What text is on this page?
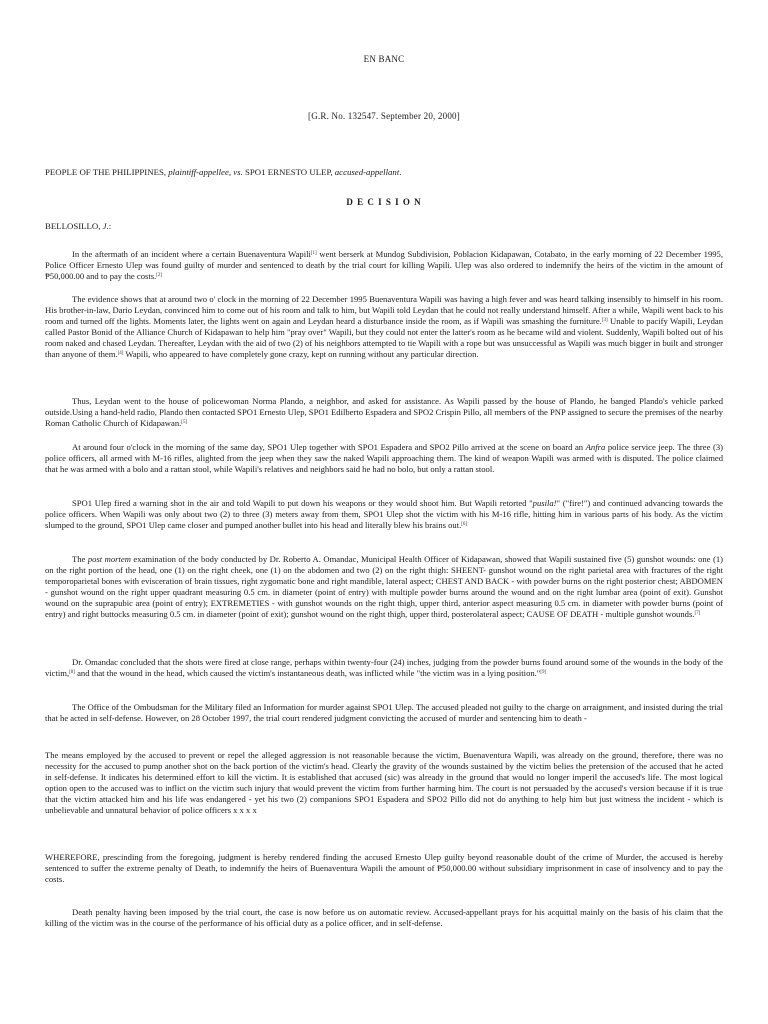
EN BANC
[G.R. No. 132547. September 20, 2000]
PEOPLE OF THE PHILIPPINES, plaintiff-appellee, vs. SPO1 ERNESTO ULEP, accused-appellant.
D E C I S I O N
BELLOSILLO, J.:
In the aftermath of an incident where a certain Buenaventura Wapili[1] went berserk at Mundog Subdivision, Poblacion Kidapawan, Cotabato, in the early morning of 22 December 1995, Police Officer Ernesto Ulep was found guilty of murder and sentenced to death by the trial court for killing Wapili. Ulep was also ordered to indemnify the heirs of the victim in the amount of ₱50,000.00 and to pay the costs.[2]
The evidence shows that at around two o' clock in the morning of 22 December 1995 Buenaventura Wapili was having a high fever and was heard talking insensibly to himself in his room. His brother-in-law, Dario Leydan, convinced him to come out of his room and talk to him, but Wapili told Leydan that he could not really understand himself. After a while, Wapili went back to his room and turned off the lights. Moments later, the lights went on again and Leydan heard a disturbance inside the room, as if Wapili was smashing the furniture.[3] Unable to pacify Wapili, Leydan called Pastor Bonid of the Alliance Church of Kidapawan to help him "pray over" Wapili, but they could not enter the latter's room as he became wild and violent. Suddenly, Wapili bolted out of his room naked and chased Leydan. Thereafter, Leydan with the aid of two (2) of his neighbors attempted to tie Wapili with a rope but was unsuccessful as Wapili was much bigger in built and stronger than anyone of them.[4] Wapili, who appeared to have completely gone crazy, kept on running without any particular direction.
Thus, Leydan went to the house of policewoman Norma Plando, a neighbor, and asked for assistance. As Wapili passed by the house of Plando, he banged Plando's vehicle parked outside.Using a hand-held radio, Plando then contacted SPO1 Ernesto Ulep, SPO1 Edilberto Espadera and SPO2 Crispin Pillo, all members of the PNP assigned to secure the premises of the nearby Roman Catholic Church of Kidapawan.[5]
At around four o'clock in the morning of the same day, SPO1 Ulep together with SPO1 Espadera and SPO2 Pillo arrived at the scene on board an Anfra police service jeep. The three (3) police officers, all armed with M-16 rifles, alighted from the jeep when they saw the naked Wapili approaching them. The kind of weapon Wapili was armed with is disputed. The police claimed that he was armed with a bolo and a rattan stool, while Wapili's relatives and neighbors said he had no bolo, but only a rattan stool.
SPO1 Ulep fired a warning shot in the air and told Wapili to put down his weapons or they would shoot him. But Wapili retorted "pusila!" ("fire!") and continued advancing towards the police officers. When Wapili was only about two (2) to three (3) meters away from them, SPO1 Ulep shot the victim with his M-16 rifle, hitting him in various parts of his body. As the victim slumped to the ground, SPO1 Ulep came closer and pumped another bullet into his head and literally blew his brains out.[6]
The post mortem examination of the body conducted by Dr. Roberto A. Omandac, Municipal Health Officer of Kidapawan, showed that Wapili sustained five (5) gunshot wounds: one (1) on the right portion of the head, one (1) on the right cheek, one (1) on the abdomen and two (2) on the right thigh: SHEENT- gunshot wound on the right parietal area with fractures of the right temporoparietal bones with evisceration of brain tissues, right zygomatic bone and right mandible, lateral aspect; CHEST AND BACK - with powder burns on the right posterior chest; ABDOMEN - gunshot wound on the right upper quadrant measuring 0.5 cm. in diameter (point of entry) with multiple powder burns around the wound and on the right lumbar area (point of exit). Gunshot wound on the suprapubic area (point of entry); EXTREMETIES - with gunshot wounds on the right thigh, upper third, anterior aspect measuring 0.5 cm. in diameter with powder burns (point of entry) and right buttocks measuring 0.5 cm. in diameter (point of exit); gunshot wound on the right thigh, upper third, posterolateral aspect; CAUSE OF DEATH - multiple gunshot wounds.[7]
Dr. Omandac concluded that the shots were fired at close range, perhaps within twenty-four (24) inches, judging from the powder burns found around some of the wounds in the body of the victim,[8] and that the wound in the head, which caused the victim's instantaneous death, was inflicted while "the victim was in a lying position."[9]
The Office of the Ombudsman for the Military filed an Information for murder against SPO1 Ulep. The accused pleaded not guilty to the charge on arraignment, and insisted during the trial that he acted in self-defense. However, on 28 October 1997, the trial court rendered judgment convicting the accused of murder and sentencing him to death -
The means employed by the accused to prevent or repel the alleged aggression is not reasonable because the victim, Buenaventura Wapili, was already on the ground, therefore, there was no necessity for the accused to pump another shot on the back portion of the victim's head. Clearly the gravity of the wounds sustained by the victim belies the pretension of the accused that he acted in self-defense. It indicates his determined effort to kill the victim. It is established that accused (sic) was already in the ground that would no longer imperil the accused's life. The most logical option open to the accused was to inflict on the victim such injury that would prevent the victim from further harming him. The court is not persuaded by the accused's version because if it is true that the victim attacked him and his life was endangered - yet his two (2) companions SPO1 Espadera and SPO2 Pillo did not do anything to help him but just witness the incident - which is unbelievable and unnatural behavior of police officers x x x x
WHEREFORE, prescinding from the foregoing, judgment is hereby rendered finding the accused Ernesto Ulep guilty beyond reasonable doubt of the crime of Murder, the accused is hereby sentenced to suffer the extreme penalty of Death, to indemnify the heirs of Buenaventura Wapili the amount of ₱50,000.00 without subsidiary imprisonment in case of insolvency and to pay the costs.
Death penalty having been imposed by the trial court, the case is now before us on automatic review. Accused-appellant prays for his acquittal mainly on the basis of his claim that the killing of the victim was in the course of the performance of his official duty as a police officer, and in self-defense.
